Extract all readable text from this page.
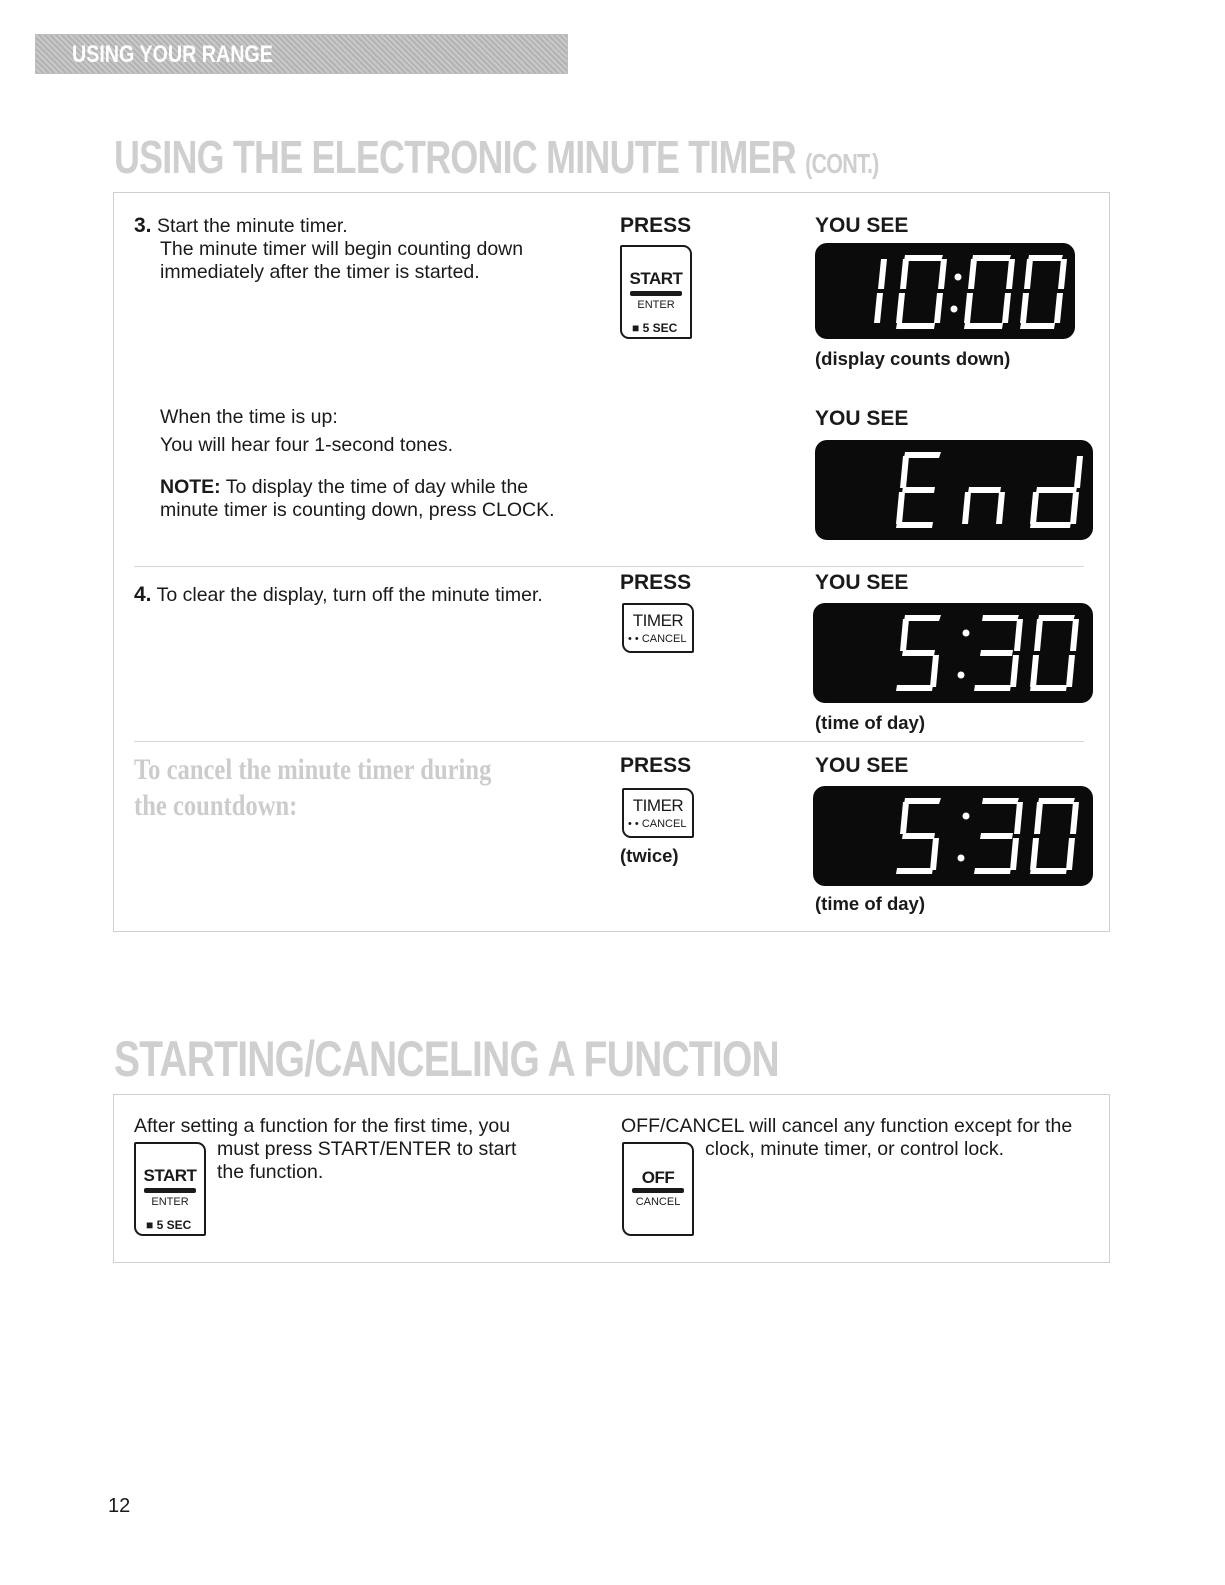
USING YOUR RANGE
USING THE ELECTRONIC MINUTE TIMER (CONT.)
3. Start the minute timer.
The minute timer will begin counting down
immediately after the timer is started.
PRESS	YOU SEE
START
ENTER
■ 5 SEC
(display counts down)
When the time is up:
You will hear four 1-second tones.
NOTE: To display the time of day while the
minute timer is counting down, press CLOCK.
YOU SEE
4. To clear the display, turn off the minute timer.
PRESS	YOU SEE
TIMER
• • CANCEL
(time of day)
To cancel the minute timer during
the countdown:
PRESS	YOU SEE
TIMER
• • CANCEL
(twice)
(time of day)
STARTING/CANCELING A FUNCTION
After setting a function for the first time, you
must press START/ENTER to start
the function.
START
ENTER
■ 5 SEC
OFF/CANCEL will cancel any function except for the
clock, minute timer, or control lock.
OFF
CANCEL
12
